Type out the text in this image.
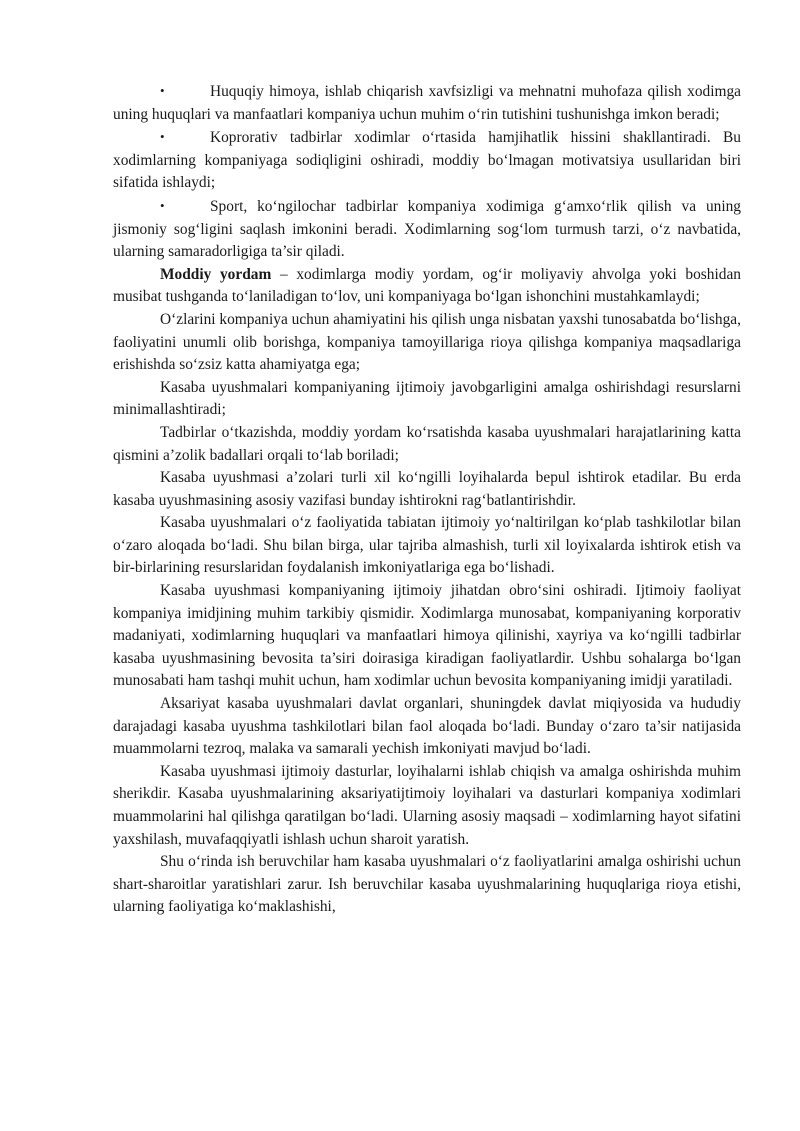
•	Huquqiy himoya, ishlab chiqarish xavfsizligi va mehnatni muhofaza qilish xodimga uning huquqlari va manfaatlari kompaniya uchun muhim o‘rin tutishini tushunishga imkon beradi;

•	Koprorativ tadbirlar xodimlar o‘rtasida hamjihatlik hissini shakllantiradi. Bu xodimlarning kompaniyaga sodiqligini oshiradi, moddiy bo‘lmagan motivatsiya usullaridan biri sifatida ishlaydi;

•	Sport, ko‘ngilochar tadbirlar kompaniya xodimiga g‘amxo‘rlik qilish va uning jismoniy sog‘ligini saqlash imkonini beradi. Xodimlarning sog‘lom turmush tarzi, o‘z navbatida, ularning samaradorligiga ta’sir qiladi.

Moddiy yordam – xodimlarga modiy yordam, og‘ir moliyaviy ahvolga yoki boshidan musibat tushganda to‘laniladigan to‘lov, uni kompaniyaga bo‘lgan ishonchini mustahkamlaydi;

O‘zlarini kompaniya uchun ahamiyatini his qilish unga nisbatan yaxshi tunosabatda bo‘lishga, faoliyatini unumli olib borishga, kompaniya tamoyillariga rioya qilishga kompaniya maqsadlariga erishishda so‘zsiz katta ahamiyatga ega;

Kasaba uyushmalari kompaniyaning ijtimoiy javobgarligini amalga oshirishdagi resurslarni minimallashtiradi;

Tadbirlar o‘tkazishda, moddiy yordam ko‘rsatishda kasaba uyushmalari harajatlarining katta qismini a’zolik badallari orqali to‘lab boriladi;

Kasaba uyushmasi a’zolari turli xil ko‘ngilli loyihalarda bepul ishtirok etadilar. Bu erda kasaba uyushmasining asosiy vazifasi bunday ishtirokni rag‘batlantirishdir.

Kasaba uyushmalari o‘z faoliyatida tabiatan ijtimoiy yo‘naltirilgan ko‘plab tashkilotlar bilan o‘zaro aloqada bo‘ladi. Shu bilan birga, ular tajriba almashish, turli xil loyixalarda ishtirok etish va bir-birlarining resurslaridan foydalanish imkoniyatlariga ega bo‘lishadi.

Kasaba uyushmasi kompaniyaning ijtimoiy jihatdan obro‘sini oshiradi. Ijtimoiy faoliyat kompaniya imidjining muhim tarkibiy qismidir. Xodimlarga munosabat, kompaniyaning korporativ madaniyati, xodimlarning huquqlari va manfaatlari himoya qilinishi, xayriya va ko‘ngilli tadbirlar kasaba uyushmasining bevosita ta’siri doirasiga kiradigan faoliyatlardir. Ushbu sohalarga bo‘lgan munosabati ham tashqi muhit uchun, ham xodimlar uchun bevosita kompaniyaning imidji yaratiladi.

Aksariyat kasaba uyushmalari davlat organlari, shuningdek davlat miqiyosida va hududiy darajadagi kasaba uyushma tashkilotlari bilan faol aloqada bo‘ladi. Bunday o‘zaro ta’sir natijasida muammolarni tezroq, malaka va samarali yechish imkoniyati mavjud bo‘ladi.

Kasaba uyushmasi ijtimoiy dasturlar, loyihalarni ishlab chiqish va amalga oshirishda muhim sherikdir. Kasaba uyushmalarining aksariyatijtimoiy loyihalari va dasturlari kompaniya xodimlari muammolarini hal qilishga qaratilgan bo‘ladi. Ularning asosiy maqsadi – xodimlarning hayot sifatini yaxshilash, muvafaqqiyatli ishlash uchun sharoit yaratish.

Shu o‘rinda ish beruvchilar ham kasaba uyushmalari o‘z faoliyatlarini amalga oshirishi uchun shart-sharoitlar yaratishlari zarur. Ish beruvchilar kasaba uyushmalarining huquqlariga rioya etishi, ularning faoliyatiga ko‘maklashishi,
